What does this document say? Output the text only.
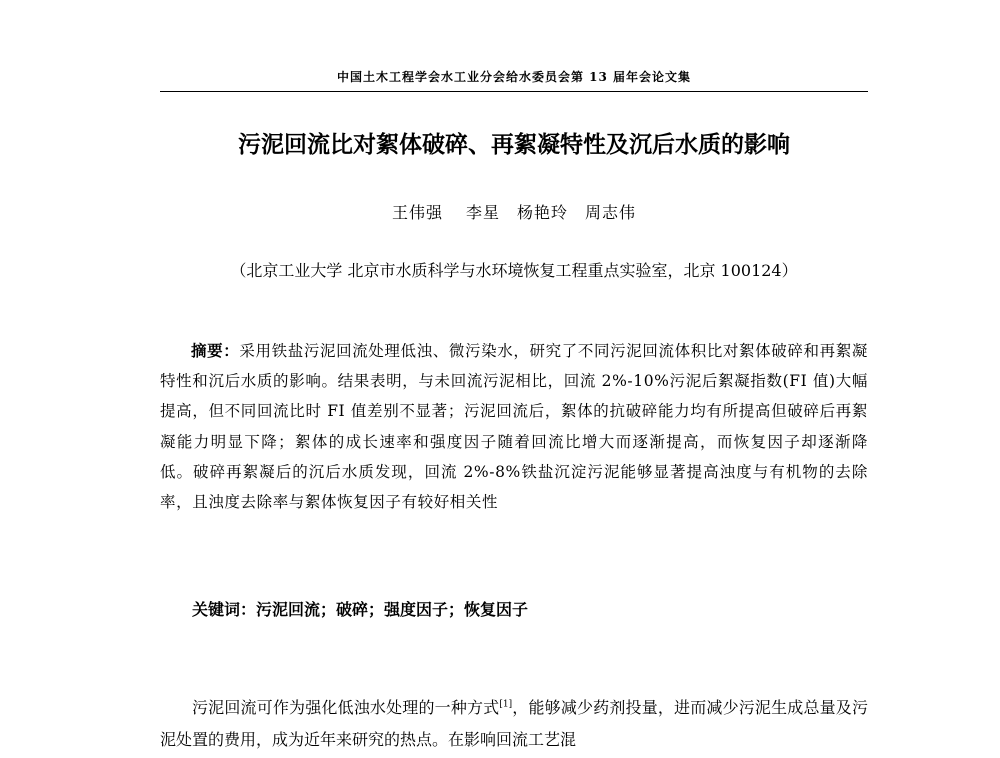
中国土木工程学会水工业分会给水委员会第 13 届年会论文集
污泥回流比对絮体破碎、再絮凝特性及沉后水质的影响
王伟强　 李星　杨艳玲　周志伟
（北京工业大学 北京市水质科学与水环境恢复工程重点实验室，北京 100124）

摘要：采用铁盐污泥回流处理低浊、微污染水，研究了不同污泥回流体积比对絮体破碎和再絮凝特性和沉后水质的影响。结果表明，与未回流污泥相比，回流 2%-10%污泥后絮凝指数(FI 值)大幅提高，但不同回流比时 FI 值差别不显著；污泥回流后，絮体的抗破碎能力均有所提高但破碎后再絮凝能力明显下降；絮体的成长速率和强度因子随着回流比增大而逐渐提高，而恢复因子却逐渐降低。破碎再絮凝后的沉后水质发现，回流 2%-8%铁盐沉淀污泥能够显著提高浊度与有机物的去除率，且浊度去除率与絮体恢复因子有较好相关性

关键词：污泥回流；破碎；强度因子；恢复因子

污泥回流可作为强化低浊水处理的一种方式[1]，能够减少药剂投量，进而减少污泥生成总量及污泥处置的费用，成为近年来研究的热点。在影响回流工艺混
